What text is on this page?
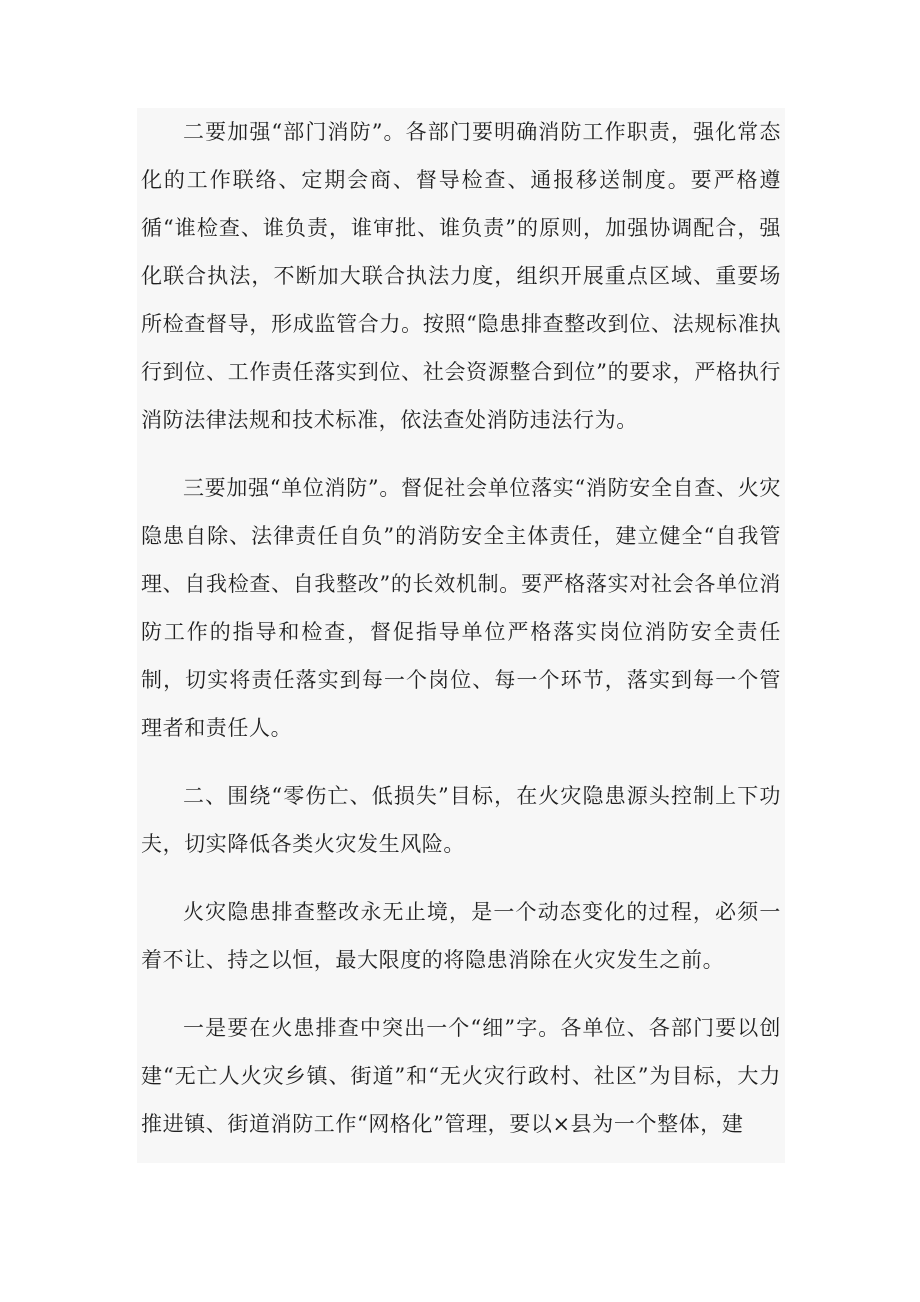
二要加强“部门消防”。各部门要明确消防工作职责，强化常态化的工作联络、定期会商、督导检查、通报移送制度。要严格遵循“谁检查、谁负责，谁审批、谁负责”的原则，加强协调配合，强化联合执法，不断加大联合执法力度，组织开展重点区域、重要场所检查督导，形成监管合力。按照“隐患排查整改到位、法规标准执行到位、工作责任落实到位、社会资源整合到位”的要求，严格执行消防法律法规和技术标准，依法查处消防违法行为。

三要加强“单位消防”。督促社会单位落实“消防安全自查、火灾隐患自除、法律责任自负”的消防安全主体责任，建立健全“自我管理、自我检查、自我整改”的长效机制。要严格落实对社会各单位消防工作的指导和检查，督促指导单位严格落实岗位消防安全责任制，切实将责任落实到每一个岗位、每一个环节，落实到每一个管理者和责任人。

二、围绕“零伤亡、低损失”目标，在火灾隐患源头控制上下功夫，切实降低各类火灾发生风险。

火灾隐患排查整改永无止境，是一个动态变化的过程，必须一着不让、持之以恒，最大限度的将隐患消除在火灾发生之前。

一是要在火患排查中突出一个“细”字。各单位、各部门要以创建“无亡人火灾乡镇、街道”和“无火灾行政村、社区”为目标，大力推进镇、街道消防工作“网格化”管理，要以×县为一个整体，建
